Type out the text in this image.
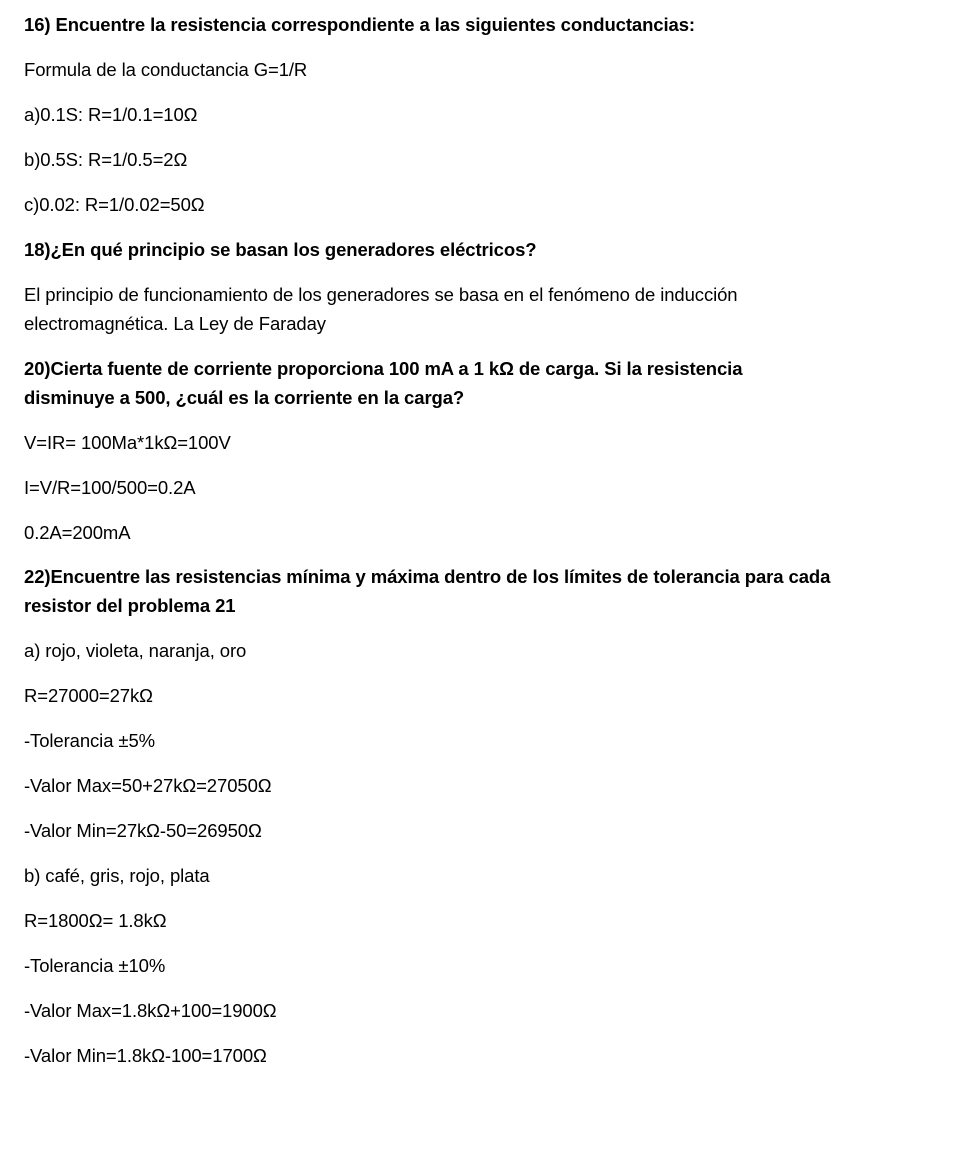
16) Encuentre la resistencia correspondiente a las siguientes conductancias:
Formula de la conductancia G=1/R
a)0.1S: R=1/0.1=10Ω
b)0.5S: R=1/0.5=2Ω
c)0.02: R=1/0.02=50Ω
18)¿En qué principio se basan los generadores eléctricos?
El principio de funcionamiento de los generadores se basa en el fenómeno de inducción
electromagnética. La Ley de Faraday
20)Cierta fuente de corriente proporciona 100 mA a 1 kΩ de carga. Si la resistencia
disminuye a 500, ¿cuál es la corriente en la carga?
V=IR= 100Ma*1kΩ=100V
I=V/R=100/500=0.2A
0.2A=200mA
22)Encuentre las resistencias mínima y máxima dentro de los límites de tolerancia para cada
resistor del problema 21
a) rojo, violeta, naranja, oro
R=27000=27kΩ
-Tolerancia ±5%
-Valor Max=50+27kΩ=27050Ω
-Valor Min=27kΩ-50=26950Ω
b) café, gris, rojo, plata
R=1800Ω= 1.8kΩ
-Tolerancia ±10%
-Valor Max=1.8kΩ+100=1900Ω
-Valor Min=1.8kΩ-100=1700Ω
